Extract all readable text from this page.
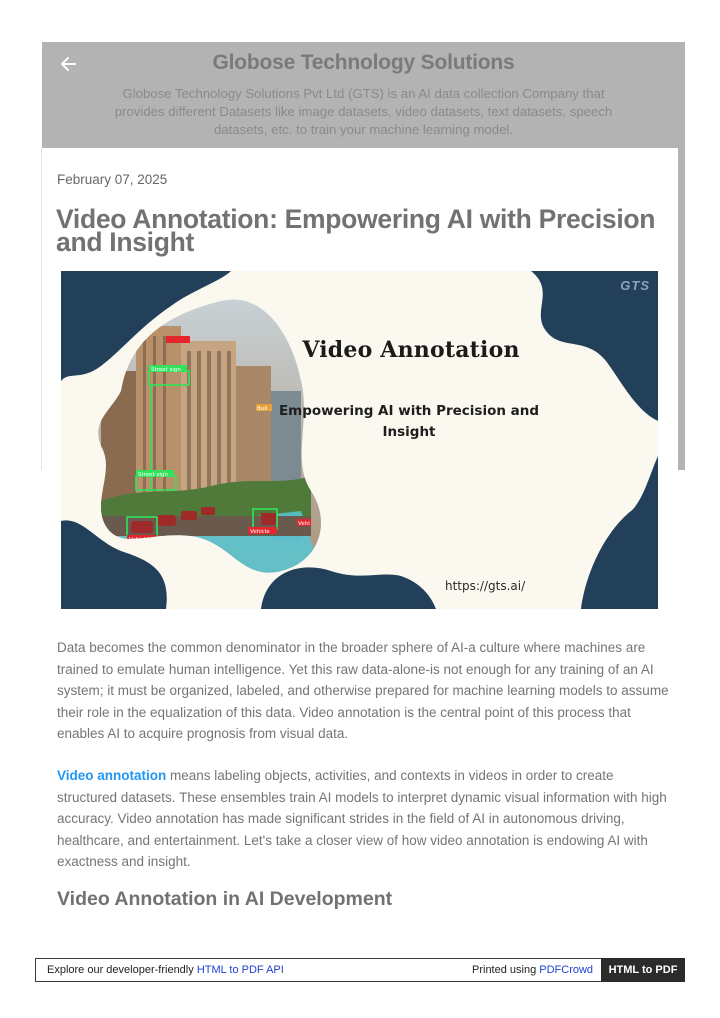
Globose Technology Solutions
Globose Technology Solutions Pvt Ltd (GTS) is an AI data collection Company that provides different Datasets like image datasets, video datasets, text datasets, speech datasets, etc. to train your machine learning model.
February 07, 2025
Video Annotation: Empowering AI with Precision and Insight
Street sign
Street sign
Vehicle
Vehicle
Vehi
Buil
GTS
Video Annotation
Empowering AI with Precision and Insight
https://gts.ai/

Data becomes the common denominator in the broader sphere of AI-a culture where machines are trained to emulate human intelligence. Yet this raw data-alone-is not enough for any training of an AI system; it must be organized, labeled, and otherwise prepared for machine learning models to assume their role in the equalization of this data. Video annotation is the central point of this process that enables AI to acquire prognosis from visual data.

Video annotation means labeling objects, activities, and contexts in videos in order to create structured datasets. These ensembles train AI models to interpret dynamic visual information with high accuracy. Video annotation has made significant strides in the field of AI in autonomous driving, healthcare, and entertainment. Let's take a closer view of how video annotation is endowing AI with exactness and insight.

Video Annotation in AI Development
Explore our developer-friendly HTML to PDF API	Printed using PDFCrowd	HTML to PDF
